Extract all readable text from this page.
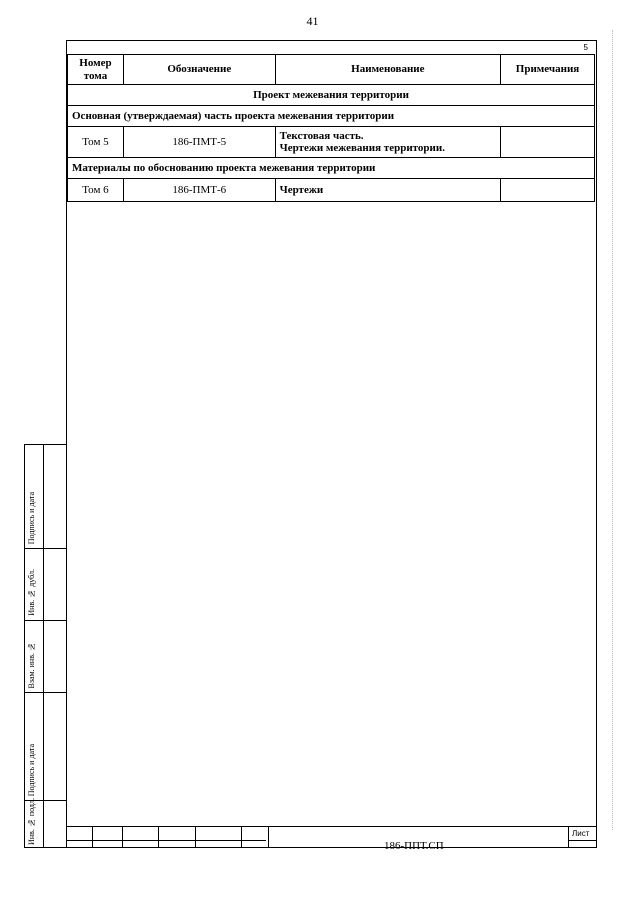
41
5
Номер тома	Обозначение	Наименование	Примечания
Проект межевания территории			
Основная (утверждаемая) часть проекта межевания территории			
Том 5	186-ПМТ-5	Текстовая часть.
Чертежи межевания территории.	

Материалы по обоснованию проекта межевания территории			
Том 6	186-ПМТ-6	Чертежи	
Подпись и дата
Инв. № дубл.
Взам. инв. №
Подпись и дата
Инв. № подл.	Лист
186-ППТ.СП
